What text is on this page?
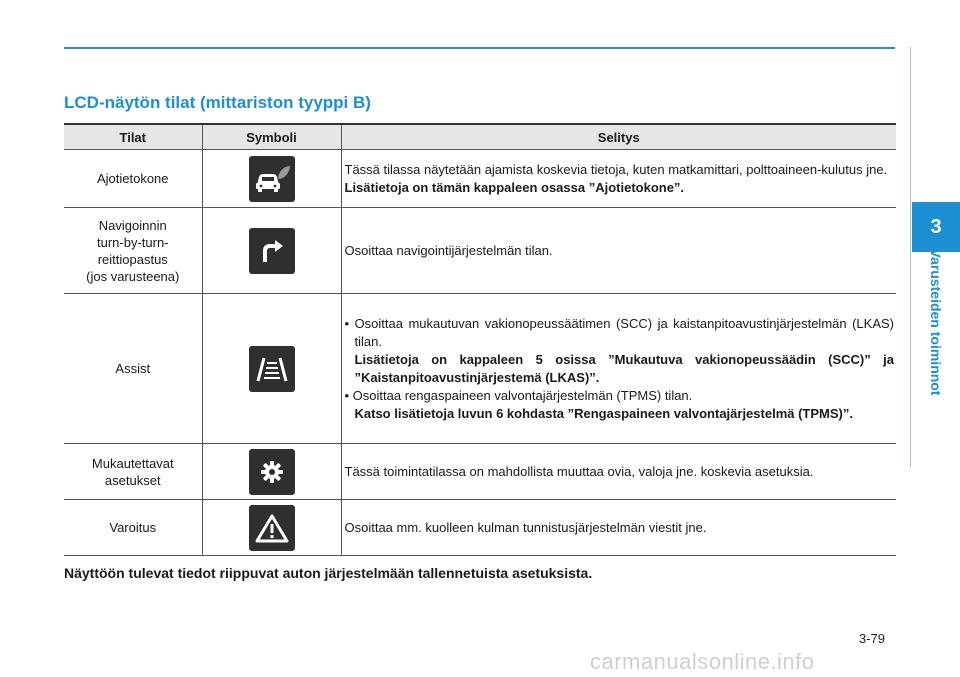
3
Varusteiden toiminnot
LCD-näytön tilat (mittariston tyyppi B)
Tilat	Symboli	Selitys
Ajotietokone		Tässä tilassa näytetään ajamista koskevia tietoja, kuten matkamittari, polttoaineen-kulutus jne.
Lisätietoja on tämän kappaleen osassa ”Ajotietokone”.
Navigoinnin
turn-by-turn-
reittiopastus
(jos varusteena)		Osoittaa navigointijärjestelmän tilan.
Assist		• Osoittaa mukautuvan vakionopeussäätimen (SCC) ja kaistanpitoavustinjärjestelmän (LKAS) tilan.
Lisätietoja on kappaleen 5 osissa ”Mukautuva vakionopeussäädin (SCC)” ja ”Kaistanpitoavustinjärjestemä (LKAS)”.
• Osoittaa rengaspaineen valvontajärjestelmän (TPMS) tilan.
Katso lisätietoja luvun 6 kohdasta ”Rengaspaineen valvontajärjestelmä (TPMS)”.

Mukautettavat
asetukset		Tässä toimintatilassa on mahdollista muuttaa ovia, valoja jne. koskevia asetuksia.
Varoitus		Osoittaa mm. kuolleen kulman tunnistusjärjestelmän viestit jne.
Näyttöön tulevat tiedot riippuvat auton järjestelmään tallennetuista asetuksista.
3-79
carmanualsonline.info
